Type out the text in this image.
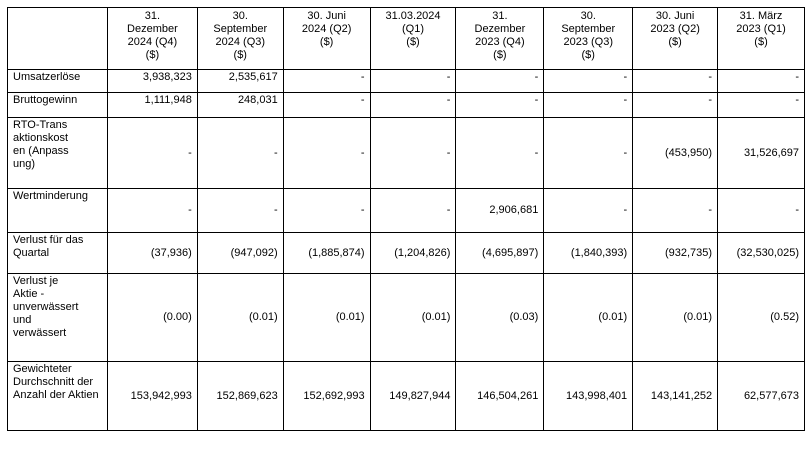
	31.
Dezember
2024 (Q4)
($)	30.
September
2024 (Q3)
($)	30. Juni
2024 (Q2)
($)	31.03.2024
(Q1)
($)	31.
Dezember
2023 (Q4)
($)	30.
September
2023 (Q3)
($)	30. Juni
2023 (Q2)
($)	31. März
2023 (Q1)
($)

Umsatzerlöse	3,938,323	2,535,617	-	-	-	-	-	-
Bruttogewinn	1,111,948	248,031	-	-	-	-	-	-

RTO-Transaktionskosten (Anpassung)	-	-	-	-	-	-	(453,950)	31,526,697

Wertminderung	-	-	-	-	2,906,681	-	-	-

Verlust für das Quartal	(37,936)	(947,092)	(1,885,874)	(1,204,826)	(4,695,897)	(1,840,393)	(932,735)	(32,530,025)

Verlust je Aktie - unverwässert und verwässert	(0.00)	(0.01)	(0.01)	(0.01)	(0.03)	(0.01)	(0.01)	(0.52)

Gewichteter Durchschnitt der Anzahl der Aktien	153,942,993	152,869,623	152,692,993	149,827,944	146,504,261	143,998,401	143,141,252	62,577,673
